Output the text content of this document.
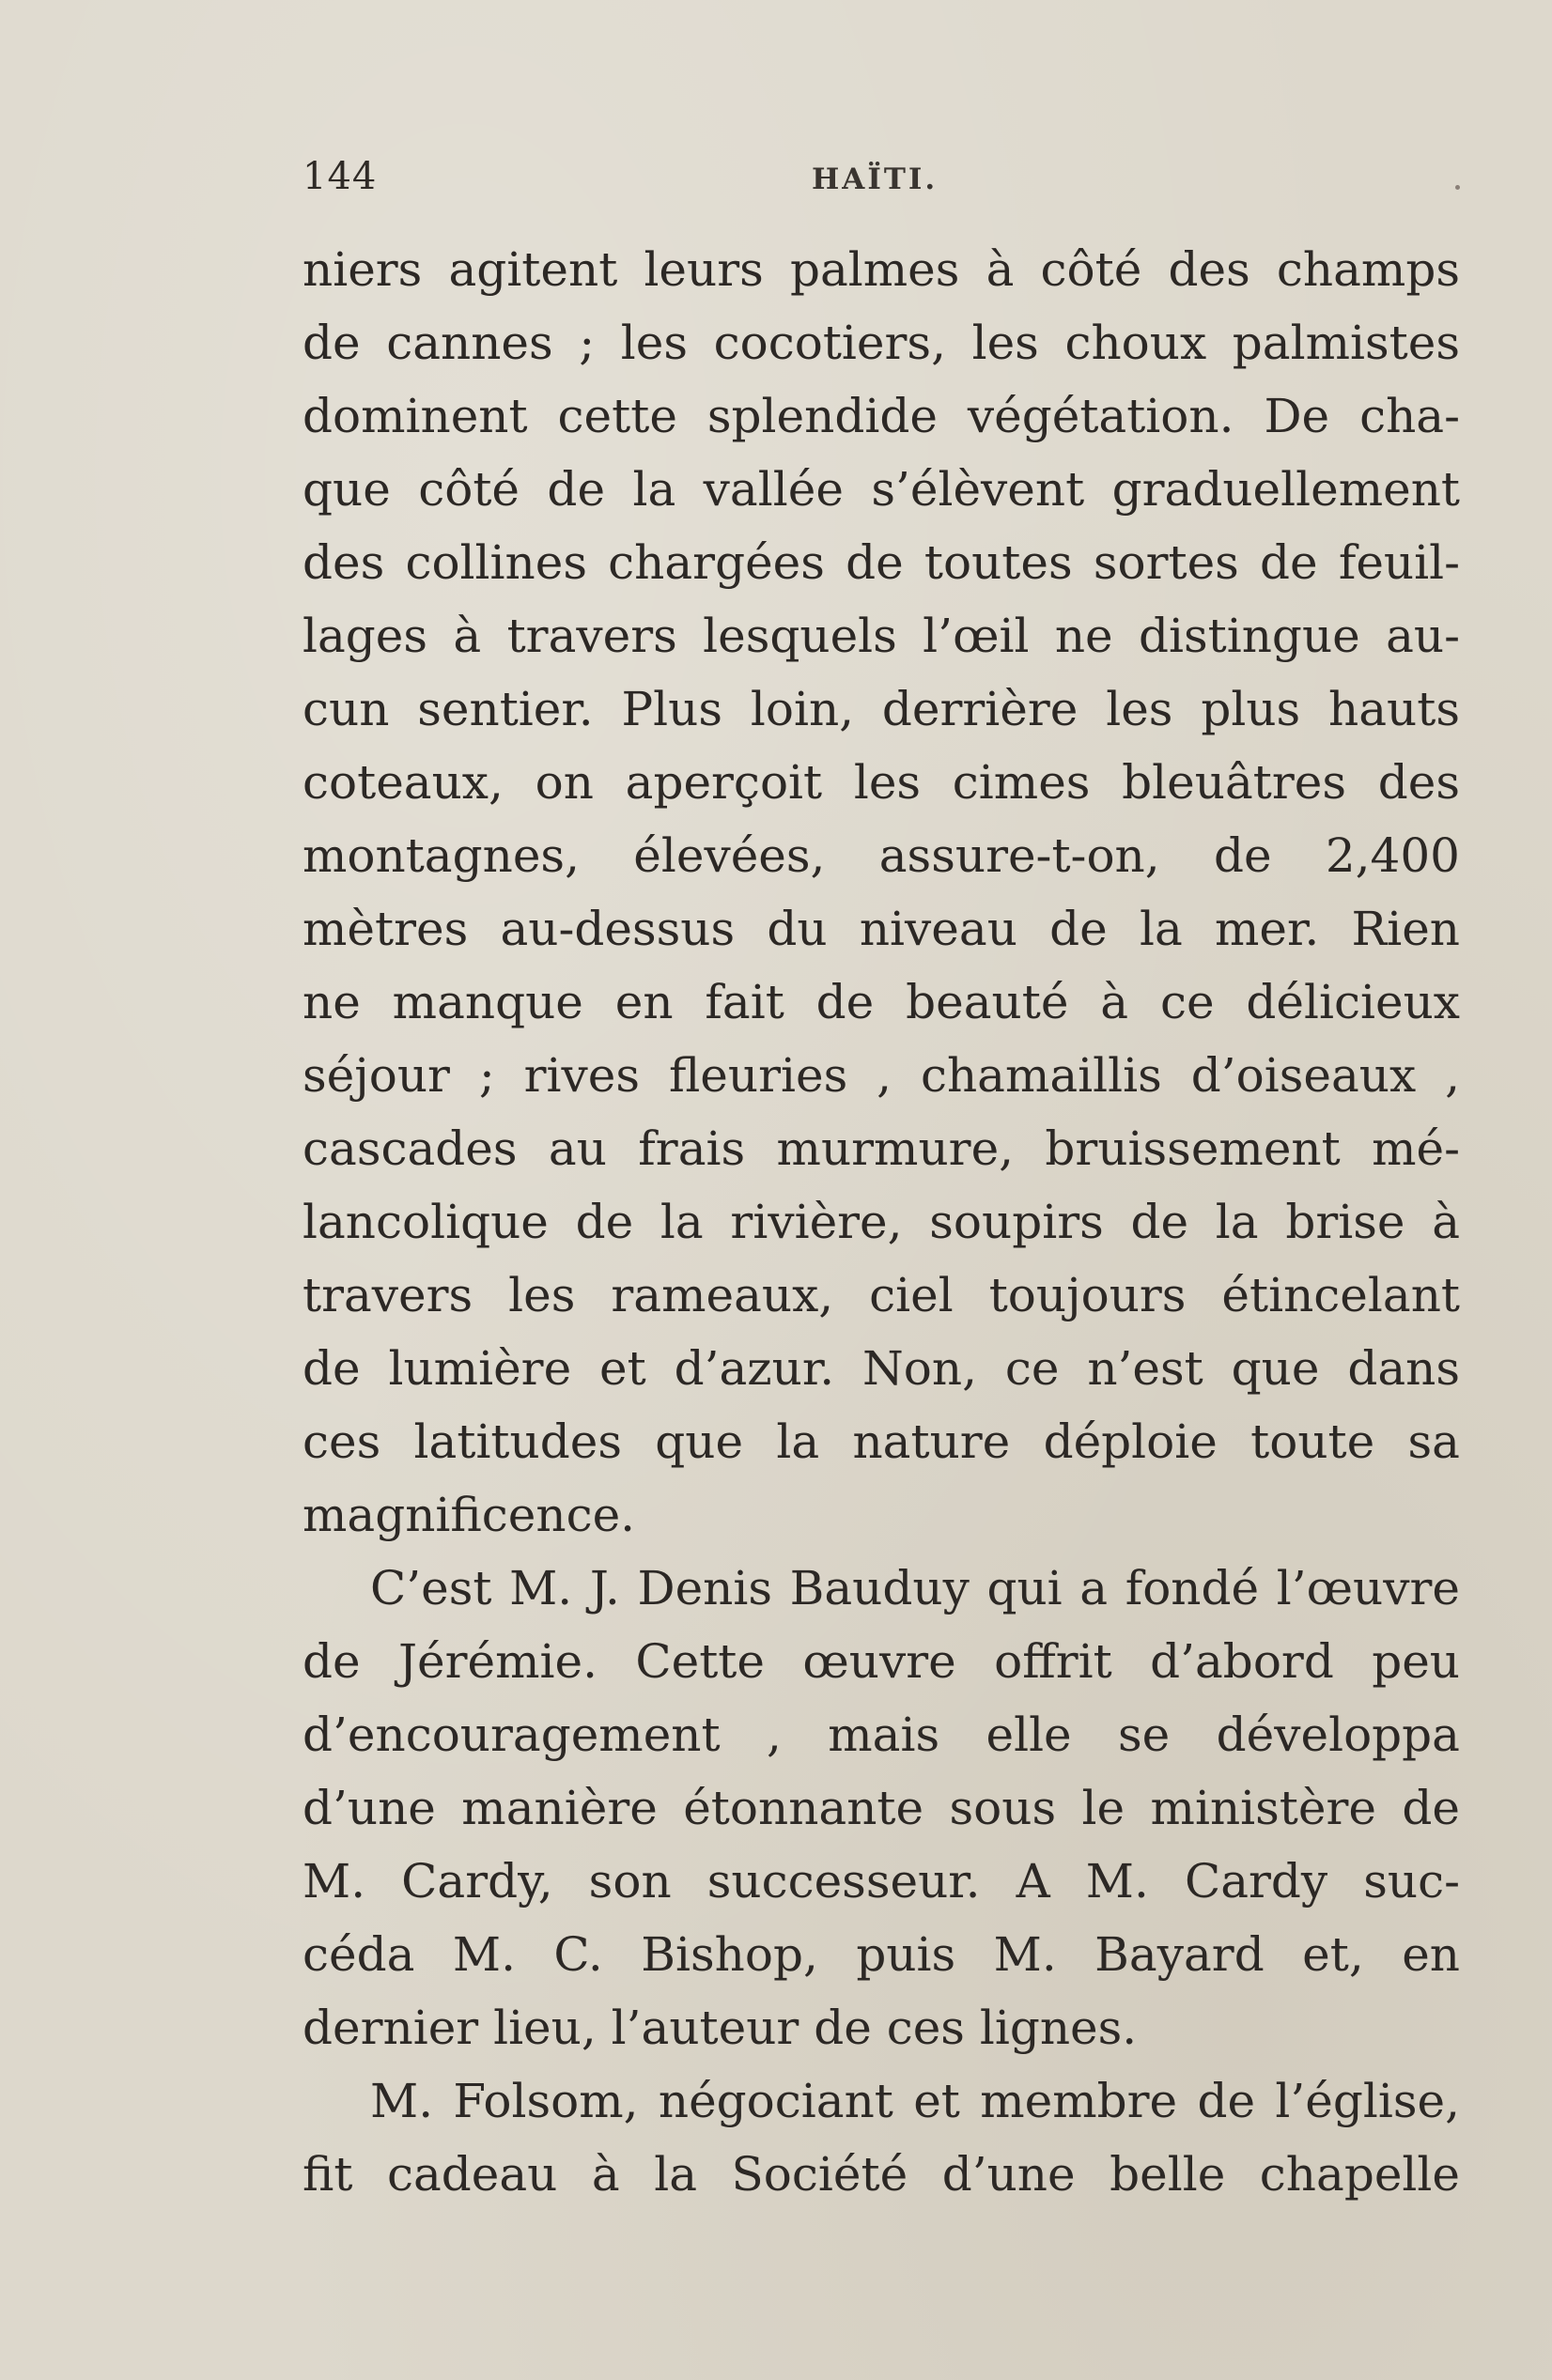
144	HAÏTI.
niers agitent leurs palmes à côté des champs
de cannes ; les cocotiers, les choux palmistes
dominent cette splendide végétation. De cha-
que côté de la vallée s’élèvent graduellement
des collines chargées de toutes sortes de feuil-
lages à travers lesquels l’œil ne distingue au-
cun sentier. Plus loin, derrière les plus hauts
coteaux, on aperçoit les cimes bleuâtres des
montagnes, élevées, assure-t-on, de 2,400
mètres au-dessus du niveau de la mer. Rien
ne manque en fait de beauté à ce délicieux
séjour ; rives fleuries , chamaillis d’oiseaux ,
cascades au frais murmure, bruissement mé-
lancolique de la rivière, soupirs de la brise à
travers les rameaux, ciel toujours étincelant
de lumière et d’azur. Non, ce n’est que dans
ces latitudes que la nature déploie toute sa
magnificence.
C’est M. J. Denis Bauduy qui a fondé l’œuvre
de Jérémie. Cette œuvre offrit d’abord peu
d’encouragement , mais elle se développa
d’une manière étonnante sous le ministère de
M. Cardy, son successeur. A M. Cardy suc-
céda M. C. Bishop, puis M. Bayard et, en
dernier lieu, l’auteur de ces lignes.
M. Folsom, négociant et membre de l’église,
fit cadeau à la Société d’une belle chapelle
